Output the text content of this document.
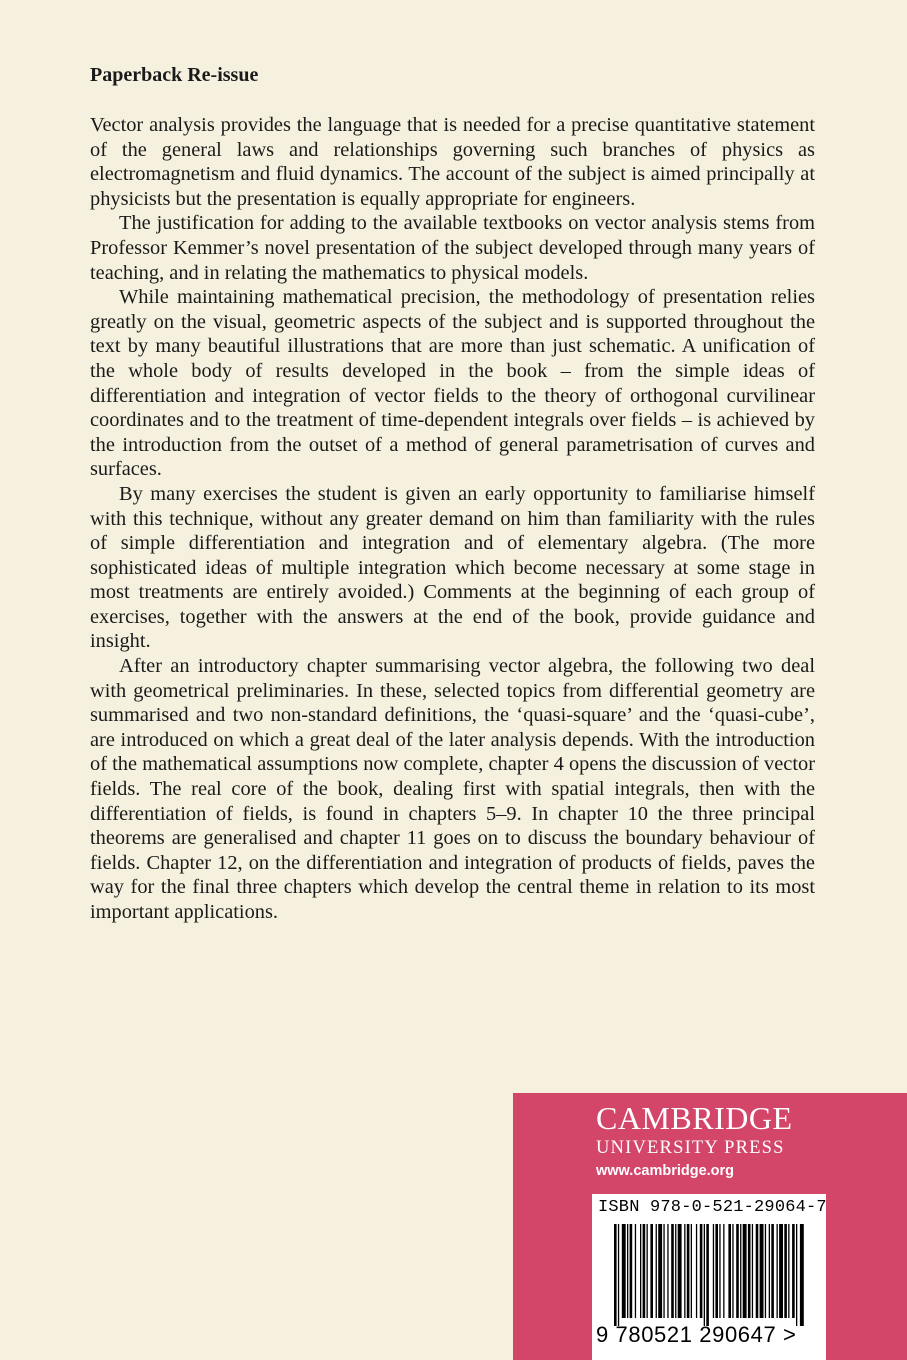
Paperback Re-issue

Vector analysis provides the language that is needed for a precise quantitative statement of the general laws and relationships governing such branches of physics as electromagnetism and fluid dynamics. The account of the subject is aimed principally at physicists but the presentation is equally appropriate for engineers.

The justification for adding to the available textbooks on vector analysis stems from Professor Kemmer’s novel presentation of the subject developed through many years of teaching, and in relating the mathematics to physical models.

While maintaining mathematical precision, the methodology of presentation relies greatly on the visual, geometric aspects of the subject and is supported throughout the text by many beautiful illustrations that are more than just schematic. A unification of the whole body of results developed in the book – from the simple ideas of differentiation and integration of vector fields to the theory of orthogonal curvilinear coordinates and to the treatment of time-dependent integrals over fields – is achieved by the introduction from the outset of a method of general parametrisation of curves and surfaces.

By many exercises the student is given an early opportunity to familiarise himself with this technique, without any greater demand on him than familiarity with the rules of simple differentiation and integration and of elementary algebra. (The more sophisticated ideas of multiple integration which become necessary at some stage in most treatments are entirely avoided.) Comments at the beginning of each group of exercises, together with the answers at the end of the book, provide guidance and insight.

After an introductory chapter summarising vector algebra, the following two deal with geometrical preliminaries. In these, selected topics from differential geometry are summarised and two non-standard definitions, the ‘quasi-square’ and the ‘quasi-cube’, are introduced on which a great deal of the later analysis depends. With the introduction of the mathematical assumptions now complete, chapter 4 opens the discussion of vector fields. The real core of the book, dealing first with spatial integrals, then with the differentiation of fields, is found in chapters 5–9. In chapter 10 the three principal theorems are generalised and chapter 11 goes on to discuss the boundary behaviour of fields. Chapter 12, on the differentiation and integration of products of fields, paves the way for the final three chapters which develop the central theme in relation to its most important applications.

CAMBRIDGE
UNIVERSITY PRESS
www.cambridge.org
ISBN 978-0-521-29064-7
9 780521 290647 >
